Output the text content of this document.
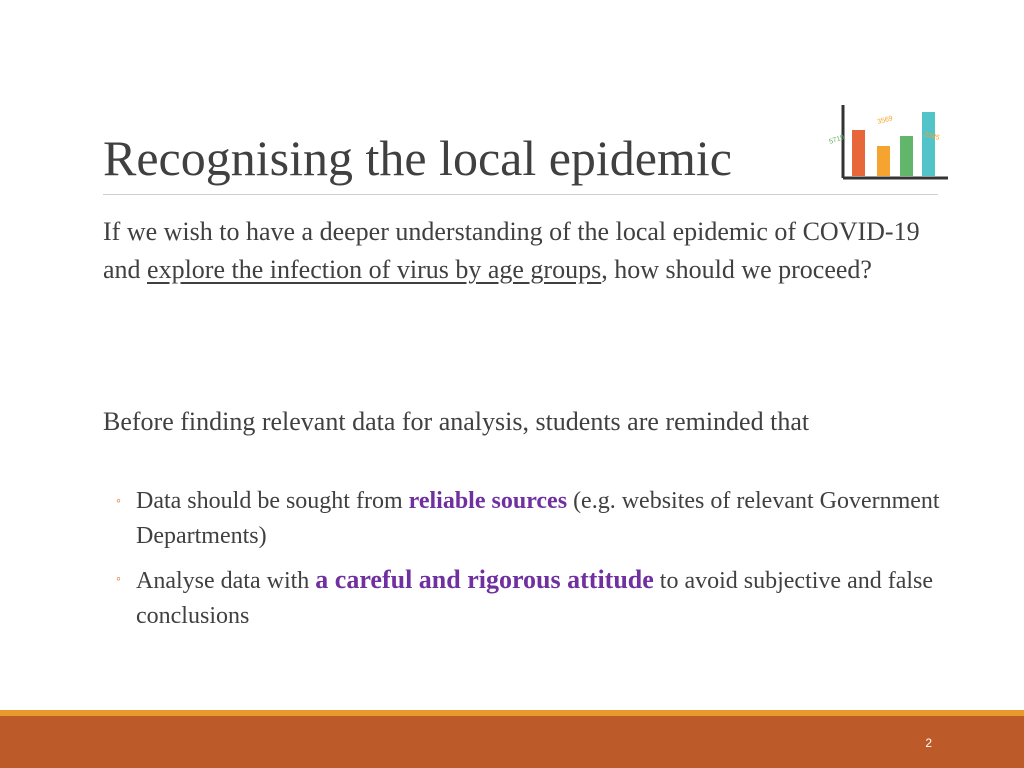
Recognising the local epidemic	5719
3569
2385
321

If we wish to have a deeper understanding of the local epidemic of COVID-19 and explore the infection of virus by age groups, how should we proceed?

Before finding relevant data for analysis, students are reminded that

◦ Data should be sought from reliable sources (e.g. websites of relevant Government Departments)
◦ Analyse data with a careful and rigorous attitude to avoid subjective and false conclusions
2
